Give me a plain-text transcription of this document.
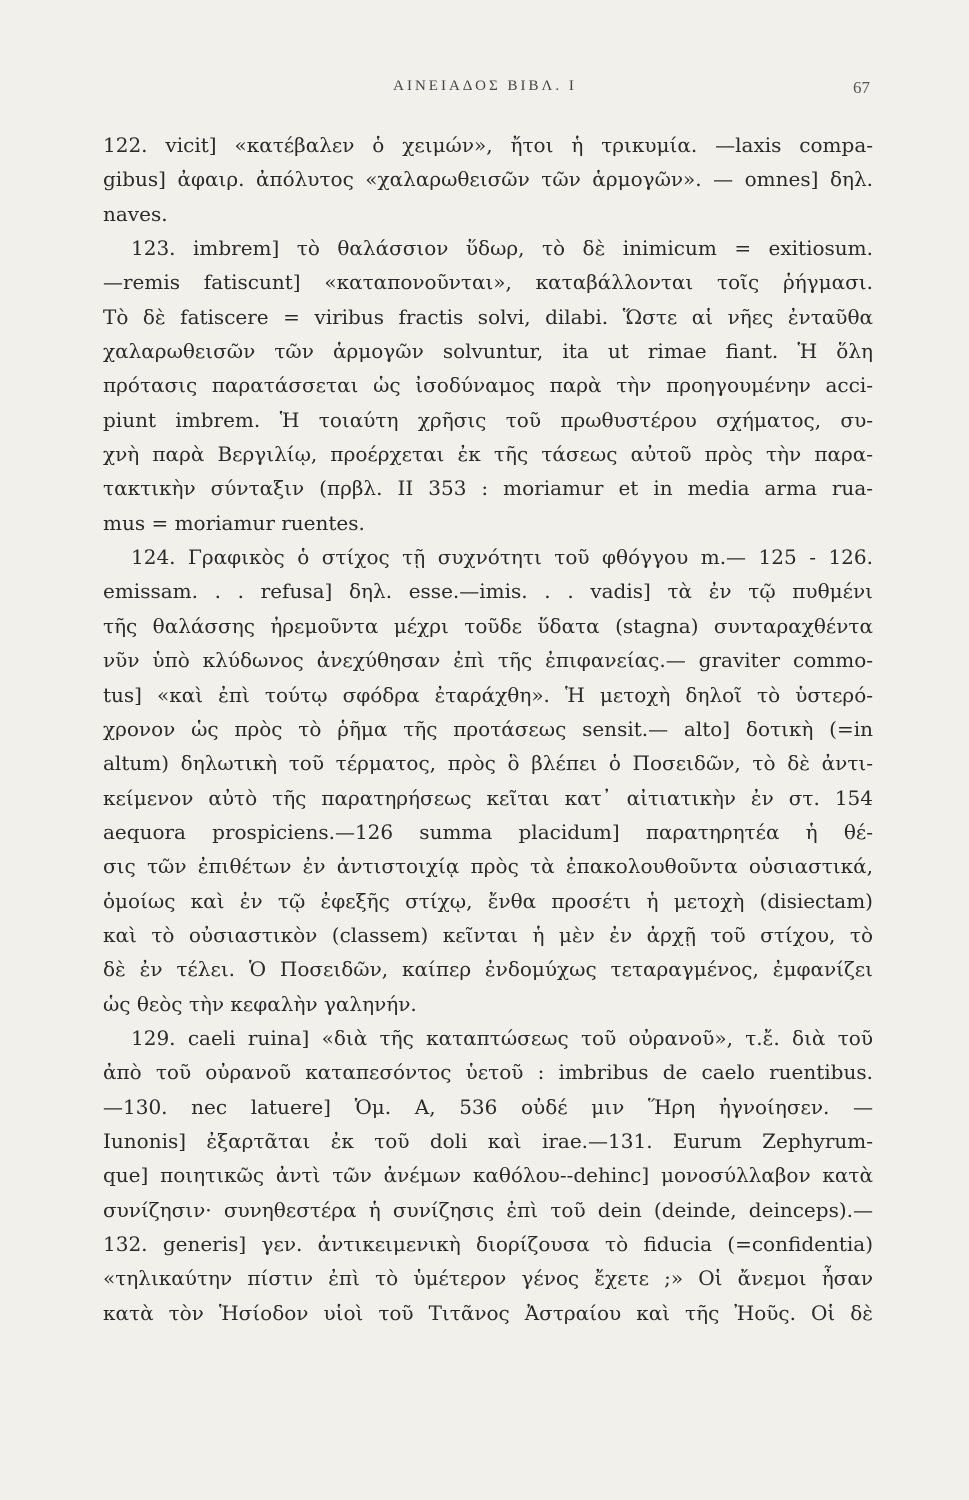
ΑΙΝΕΙΑΔΟΣ ΒΙΒΛ. Ι	67
122. vicit] «κατέβαλεν ὁ χειμών», ἤτοι ἡ τρικυμία. —laxis compa-
gibus] ἀφαιρ. ἀπόλυτος «χαλαρωθεισῶν τῶν ἁρμογῶν». — omnes] δηλ.
naves.
123. imbrem] τὸ θαλάσσιον ὕδωρ, τὸ δὲ inimicum = exitiosum.
—remis fatiscunt] «καταπονοῦνται», καταβάλλονται τοῖς ῥήγμασι.
Τὸ δὲ fatiscere = viribus fractis solvi, dilabi. Ὥστε αἱ νῆες ἐνταῦθα
χαλαρωθεισῶν τῶν ἁρμογῶν solvuntur, ita ut rimae fiant. Ἡ ὅλη
πρότασις παρατάσσεται ὡς ἰσοδύναμος παρὰ τὴν προηγουμένην acci-
piunt imbrem. Ἡ τοιαύτη χρῆσις τοῦ πρωθυστέρου σχήματος, συ-
χνὴ παρὰ Βεργιλίῳ, προέρχεται ἐκ τῆς τάσεως αὐτοῦ πρὸς τὴν παρα-
τακτικὴν σύνταξιν (πρβλ. II 353 : moriamur et in media arma rua-
mus = moriamur ruentes.
124. Γραφικὸς ὁ στίχος τῇ συχνότητι τοῦ φθόγγου m.— 125 - 126.
emissam. . . refusa] δηλ. esse.—imis. . . vadis] τὰ ἐν τῷ πυθμένι
τῆς θαλάσσης ἠρεμοῦντα μέχρι τοῦδε ὕδατα (stagna) συνταραχθέντα
νῦν ὑπὸ κλύδωνος ἀνεχύθησαν ἐπὶ τῆς ἐπιφανείας.— graviter commo-
tus] «καὶ ἐπὶ τούτῳ σφόδρα ἐταράχθη». Ἡ μετοχὴ δηλοῖ τὸ ὑστερό-
χρονον ὡς πρὸς τὸ ῥῆμα τῆς προτάσεως sensit.— alto] δοτικὴ (=in
altum) δηλωτικὴ τοῦ τέρματος, πρὸς ὃ βλέπει ὁ Ποσειδῶν, τὸ δὲ ἀντι-
κείμενον αὐτὸ τῆς παρατηρήσεως κεῖται κατ᾽ αἰτιατικὴν ἐν στ. 154
aequora prospiciens.—126 summa placidum] παρατηρητέα ἡ θέ-
σις τῶν ἐπιθέτων ἐν ἀντιστοιχίᾳ πρὸς τὰ ἐπακολουθοῦντα οὐσιαστικά,
ὁμοίως καὶ ἐν τῷ ἐφεξῆς στίχῳ, ἔνθα προσέτι ἡ μετοχὴ (disiectam)
καὶ τὸ οὐσιαστικὸν (classem) κεῖνται ἡ μὲν ἐν ἀρχῇ τοῦ στίχου, τὸ
δὲ ἐν τέλει. Ὁ Ποσειδῶν, καίπερ ἐνδομύχως τεταραγμένος, ἐμφανίζει
ὡς θεὸς τὴν κεφαλὴν γαληνήν.
129. caeli ruina] «διὰ τῆς καταπτώσεως τοῦ οὐρανοῦ», τ.ἔ. διὰ τοῦ
ἀπὸ τοῦ οὐρανοῦ καταπεσόντος ὑετοῦ : imbribus de caelo ruentibus.
—130. nec latuere] Ὁμ. Α, 536 οὐδέ μιν Ἥρη ἠγνοίησεν. —
Iunonis] ἐξαρτᾶται ἐκ τοῦ doli καὶ irae.—131. Eurum Zephyrum-
que] ποιητικῶς ἀντὶ τῶν ἀνέμων καθόλου--dehinc] μονοσύλλαβον κατὰ
συνίζησιν· συνηθεστέρα ἡ συνίζησις ἐπὶ τοῦ dein (deinde, deinceps).—
132. generis] γεν. ἀντικειμενικὴ διορίζουσα τὸ fiducia (=confidentia)
«τηλικαύτην πίστιν ἐπὶ τὸ ὑμέτερον γένος ἔχετε ;» Οἱ ἄνεμοι ἦσαν
κατὰ τὸν Ἡσίοδον υἱοὶ τοῦ Τιτᾶνος Ἀστραίου καὶ τῆς Ἠοῦς. Οἱ δὲ
